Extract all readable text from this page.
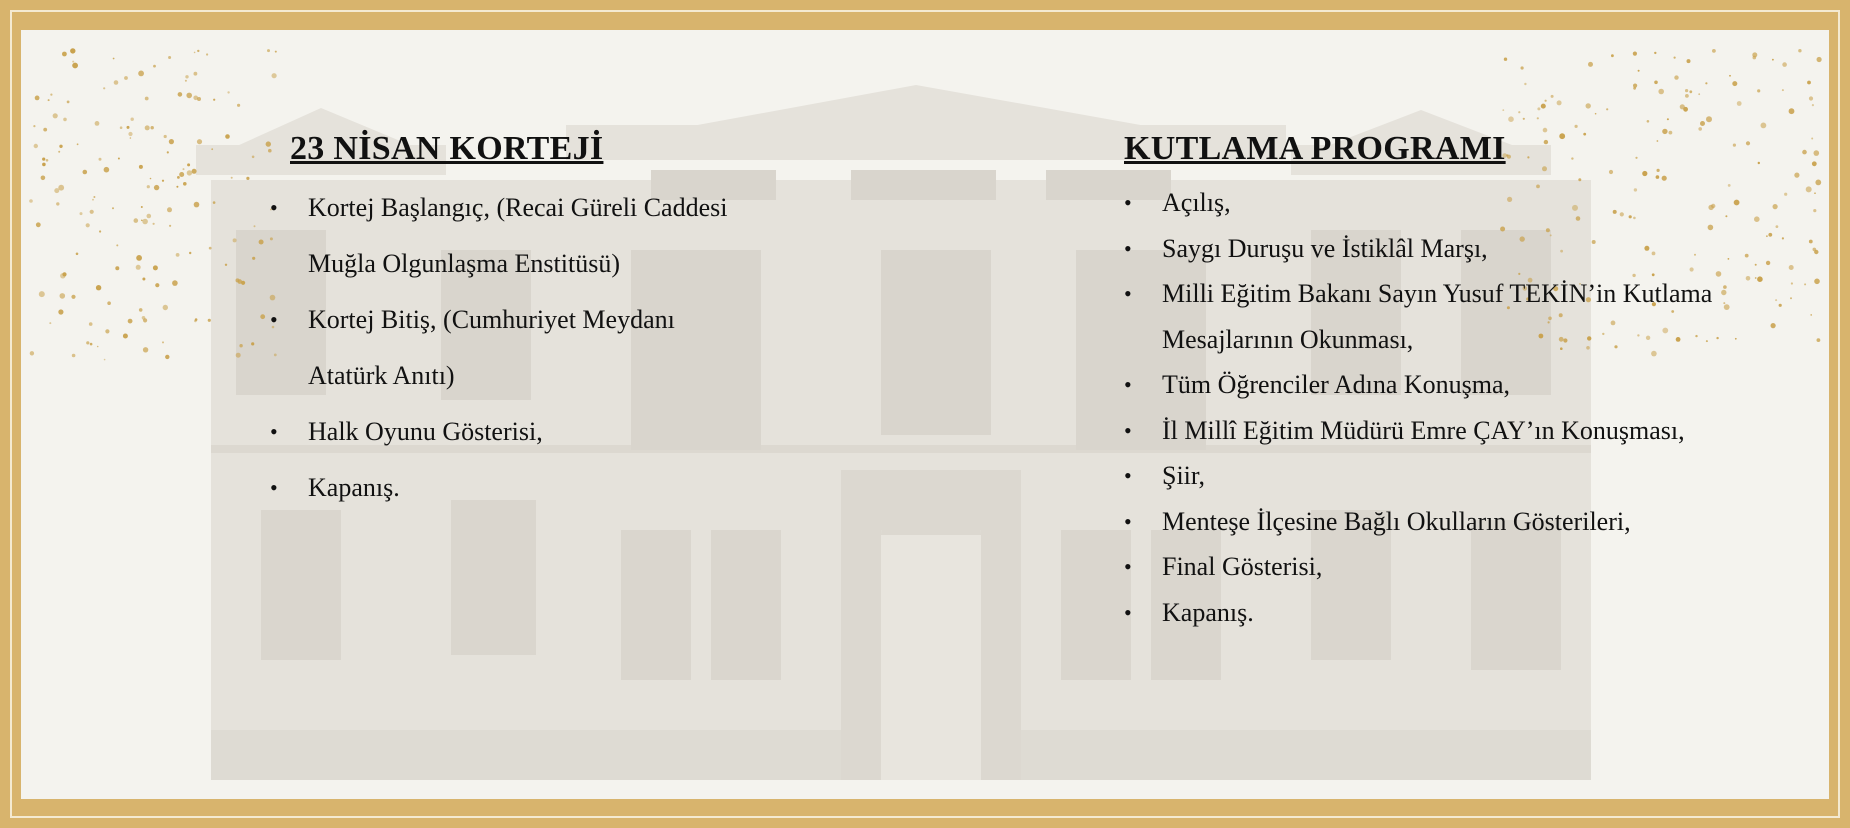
23 NİSAN KORTEJİ
•	Kortej Başlangıç, (Recai Güreli Caddesi Muğla Olgunlaşma Enstitüsü)
•	Kortej Bitiş, (Cumhuriyet Meydanı Atatürk Anıtı)
•	Halk Oyunu Gösterisi,
•	Kapanış.
KUTLAMA PROGRAMI
•	Açılış,
•	Saygı Duruşu ve İstiklâl Marşı,
•	Milli Eğitim Bakanı Sayın Yusuf TEKİN’in Kutlama Mesajlarının Okunması,
•	Tüm Öğrenciler Adına Konuşma,
•	İl Millî Eğitim Müdürü Emre ÇAY’ın Konuşması,
•	Şiir,
•	Menteşe İlçesine Bağlı Okulların Gösterileri,
•	Final Gösterisi,
•	Kapanış.
